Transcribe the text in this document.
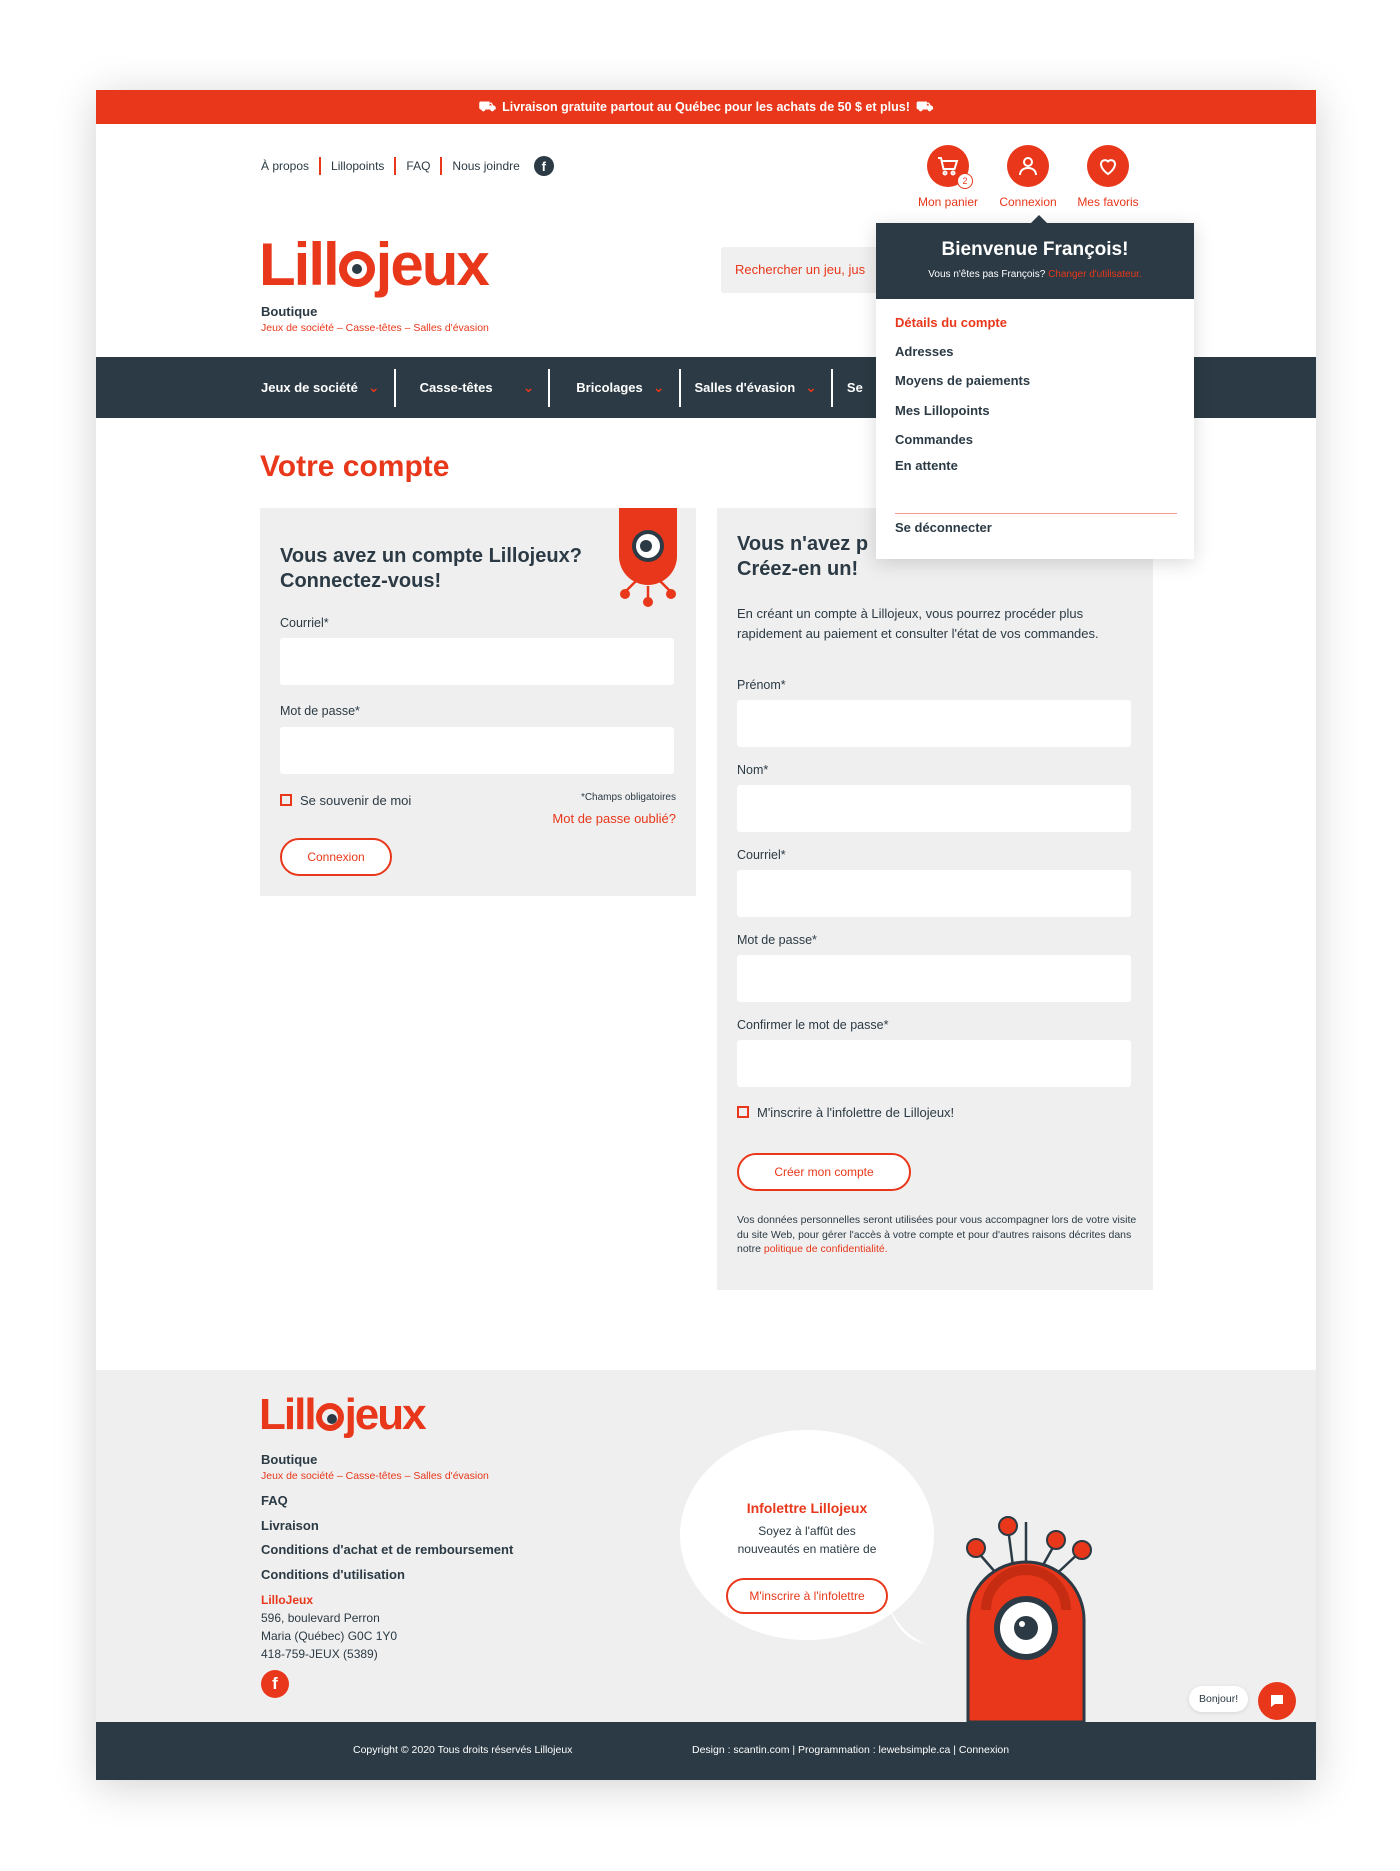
⛟ Livraison gratuite partout au Québec pour les achats de 50 $ et plus! ⛟
À propos	Lillopoints	FAQ	Nous joindre	f
2
Mon panier Connexion Mes favoris
Lill jeux
Boutique
Jeux de société – Casse-têtes – Salles d'évasion
Rechercher un jeu, jus
Jeux de société ⌄	Casse-têtes ⌄	Bricolages ⌄ Salles d'évasion ⌄ Se
Votre compte
Vous avez un compte Lillojeux? Connectez-vous!
Courriel*
Mot de passe*
Se souvenir de moi	*Champs obligatoires
Mot de passe oublié?
Connexion
Vous n'avez p
Créez-en un!

En créant un compte à Lillojeux, vous pourrez procéder plus rapidement au paiement et consulter l'état de vos commandes.

Prénom*
Nom*
Courriel*
Mot de passe*
Confirmer le mot de passe*
M'inscrire à l'infolettre de Lillojeux!
Créer mon compte

Vos données personnelles seront utilisées pour vous accompagner lors de votre visite du site Web, pour gérer l'accès à votre compte et pour d'autres raisons décrites dans notre politique de confidentialité.

Bienvenue François!
Vous n'êtes pas François? Changer d'utilisateur.
Détails du compte
Adresses
Moyens de paiements
Mes Lillopoints
Commandes
En attente
Se déconnecter
Lill jeux
Boutique
Jeux de société – Casse-têtes – Salles d'évasion
FAQ
Livraison
Conditions d'achat et de remboursement
Conditions d'utilisation
LilloJeux
596, boulevard Perron
Maria (Québec) G0C 1Y0
418-759-JEUX (5389)
f
Infolettre Lillojeux
Soyez à l'affût des nouveautés en matière de
M'inscrire à l'infolettre
Copyright © 2020 Tous droits réservés Lillojeux	Design : scantin.com | Programmation : lewebsimple.ca | Connexion
Bonjour!
